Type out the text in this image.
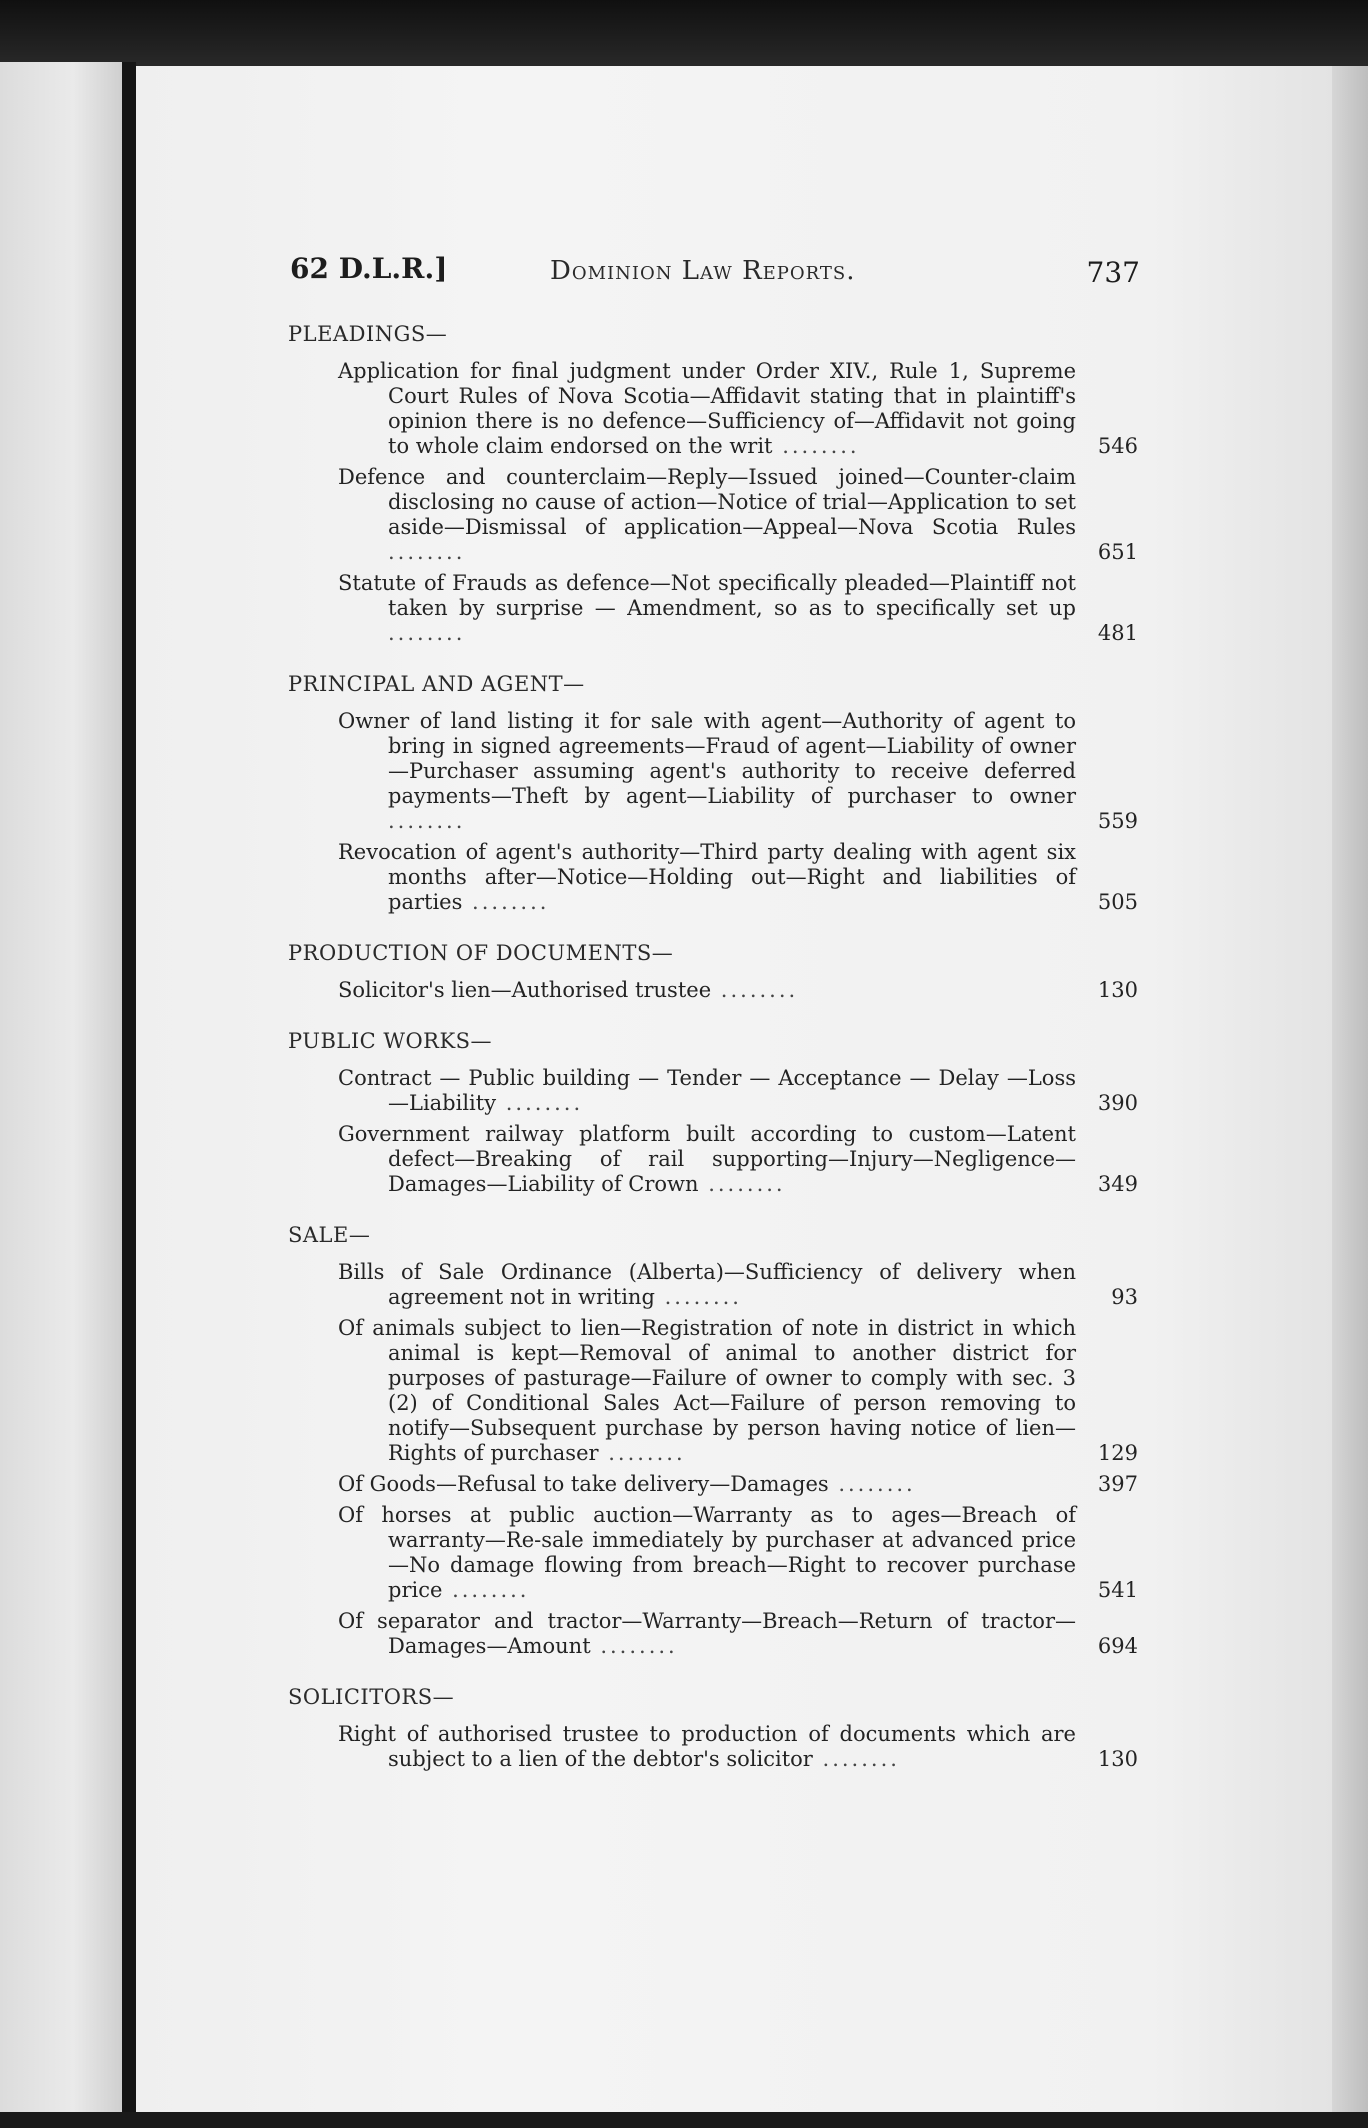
62 D.L.R.]	Dominion Law Reports.	737
PLEADINGS—
Application for final judgment under Order XIV., Rule 1, Supreme Court Rules of Nova Scotia—Affidavit stating that in plaintiff's opinion there is no defence—Sufficiency of—Affidavit not going to whole claim endorsed on the writ ........	546
Defence and counterclaim—Reply—Issued joined—Counter-claim disclosing no cause of action—Notice of trial—Application to set aside—Dismissal of application—Appeal—Nova Scotia Rules ........	651
Statute of Frauds as defence—Not specifically pleaded—Plaintiff not taken by surprise — Amendment, so as to specifically set up ........	481
PRINCIPAL AND AGENT—
Owner of land listing it for sale with agent—Authority of agent to bring in signed agreements—Fraud of agent—Liability of owner—Purchaser assuming agent's authority to receive deferred payments—Theft by agent—Liability of purchaser to owner ........	559
Revocation of agent's authority—Third party dealing with agent six months after—Notice—Holding out—Right and liabilities of parties ........	505
PRODUCTION OF DOCUMENTS—
Solicitor's lien—Authorised trustee ........	130
PUBLIC WORKS—
Contract — Public building — Tender — Acceptance — Delay —Loss—Liability ........	390
Government railway platform built according to custom—Latent defect—Breaking of rail supporting—Injury—Negligence—Damages—Liability of Crown ........	349
SALE—
Bills of Sale Ordinance (Alberta)—Sufficiency of delivery when agreement not in writing ........	93
Of animals subject to lien—Registration of note in district in which animal is kept—Removal of animal to another district for purposes of pasturage—Failure of owner to comply with sec. 3 (2) of Conditional Sales Act—Failure of person removing to notify—Subsequent purchase by person having notice of lien—Rights of purchaser ........	129
Of Goods—Refusal to take delivery—Damages ........	397
Of horses at public auction—Warranty as to ages—Breach of warranty—Re-sale immediately by purchaser at advanced price—No damage flowing from breach—Right to recover purchase price ........	541
Of separator and tractor—Warranty—Breach—Return of tractor—Damages—Amount ........	694
SOLICITORS—
Right of authorised trustee to production of documents which are subject to a lien of the debtor's solicitor ........	130
